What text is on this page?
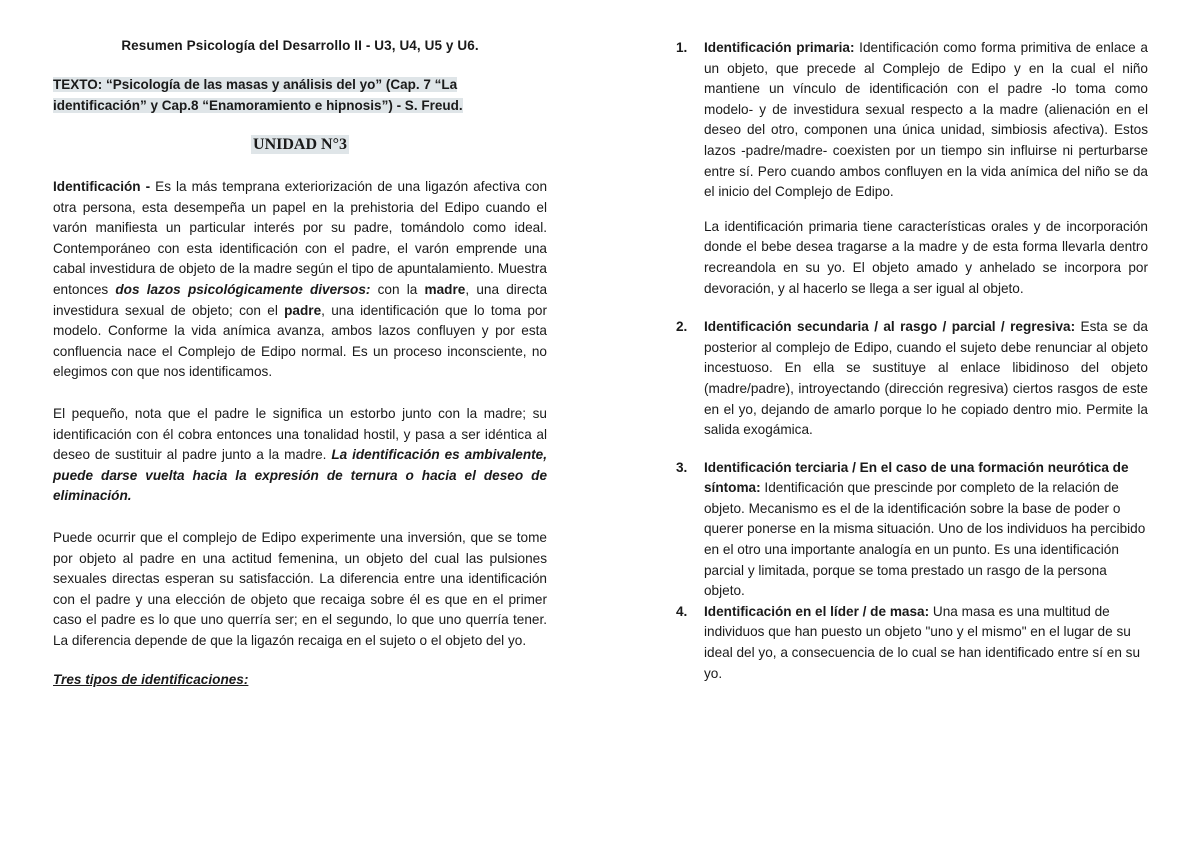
Resumen Psicología del Desarrollo II - U3, U4, U5 y U6.
TEXTO: “Psicología de las masas y análisis del yo” (Cap. 7 “La identificación” y Cap.8 “Enamoramiento e hipnosis”) - S. Freud.
UNIDAD N°3

Identificación - Es la más temprana exteriorización de una ligazón afectiva con otra persona, esta desempeña un papel en la prehistoria del Edipo cuando el varón manifiesta un particular interés por su padre, tomándolo como ideal. Contemporáneo con esta identificación con el padre, el varón emprende una cabal investidura de objeto de la madre según el tipo de apuntalamiento. Muestra entonces dos lazos psicológicamente diversos: con la madre, una directa investidura sexual de objeto; con el padre, una identificación que lo toma por modelo. Conforme la vida anímica avanza, ambos lazos confluyen y por esta confluencia nace el Complejo de Edipo normal. Es un proceso inconsciente, no elegimos con que nos identificamos.

El pequeño, nota que el padre le significa un estorbo junto con la madre; su identificación con él cobra entonces una tonalidad hostil, y pasa a ser idéntica al deseo de sustituir al padre junto a la madre. La identificación es ambivalente, puede darse vuelta hacia la expresión de ternura o hacia el deseo de eliminación.

Puede ocurrir que el complejo de Edipo experimente una inversión, que se tome por objeto al padre en una actitud femenina, un objeto del cual las pulsiones sexuales directas esperan su satisfacción. La diferencia entre una identificación con el padre y una elección de objeto que recaiga sobre él es que en el primer caso el padre es lo que uno querría ser; en el segundo, lo que uno querría tener. La diferencia depende de que la ligazón recaiga en el sujeto o el objeto del yo.

Tres tipos de identificaciones:

1. Identificación primaria: Identificación como forma primitiva de enlace a un objeto, que precede al Complejo de Edipo y en la cual el niño mantiene un vínculo de identificación con el padre -lo toma como modelo- y de investidura sexual respecto a la madre (alienación en el deseo del otro, componen una única unidad, simbiosis afectiva). Estos lazos -padre/madre- coexisten por un tiempo sin influirse ni perturbarse entre sí. Pero cuando ambos confluyen en la vida anímica del niño se da el inicio del Complejo de Edipo.

La identificación primaria tiene características orales y de incorporación donde el bebe desea tragarse a la madre y de esta forma llevarla dentro recreandola en su yo. El objeto amado y anhelado se incorpora por devoración, y al hacerlo se llega a ser igual al objeto.

2. Identificación secundaria / al rasgo / parcial / regresiva: Esta se da posterior al complejo de Edipo, cuando el sujeto debe renunciar al objeto incestuoso. En ella se sustituye al enlace libidinoso del objeto (madre/padre), introyectando (dirección regresiva) ciertos rasgos de este en el yo, dejando de amarlo porque lo he copiado dentro mio. Permite la salida exogámica.

3. Identificación terciaria / En el caso de una formación neurótica de síntoma: Identificación que prescinde por completo de la relación de objeto. Mecanismo es el de la identificación sobre la base de poder o querer ponerse en la misma situación. Uno de los individuos ha percibido en el otro una importante analogía en un punto. Es una identificación parcial y limitada, porque se toma prestado un rasgo de la persona objeto.

4. Identificación en el líder / de masa: Una masa es una multitud de individuos que han puesto un objeto "uno y el mismo" en el lugar de su ideal del yo, a consecuencia de lo cual se han identificado entre sí en su yo.
